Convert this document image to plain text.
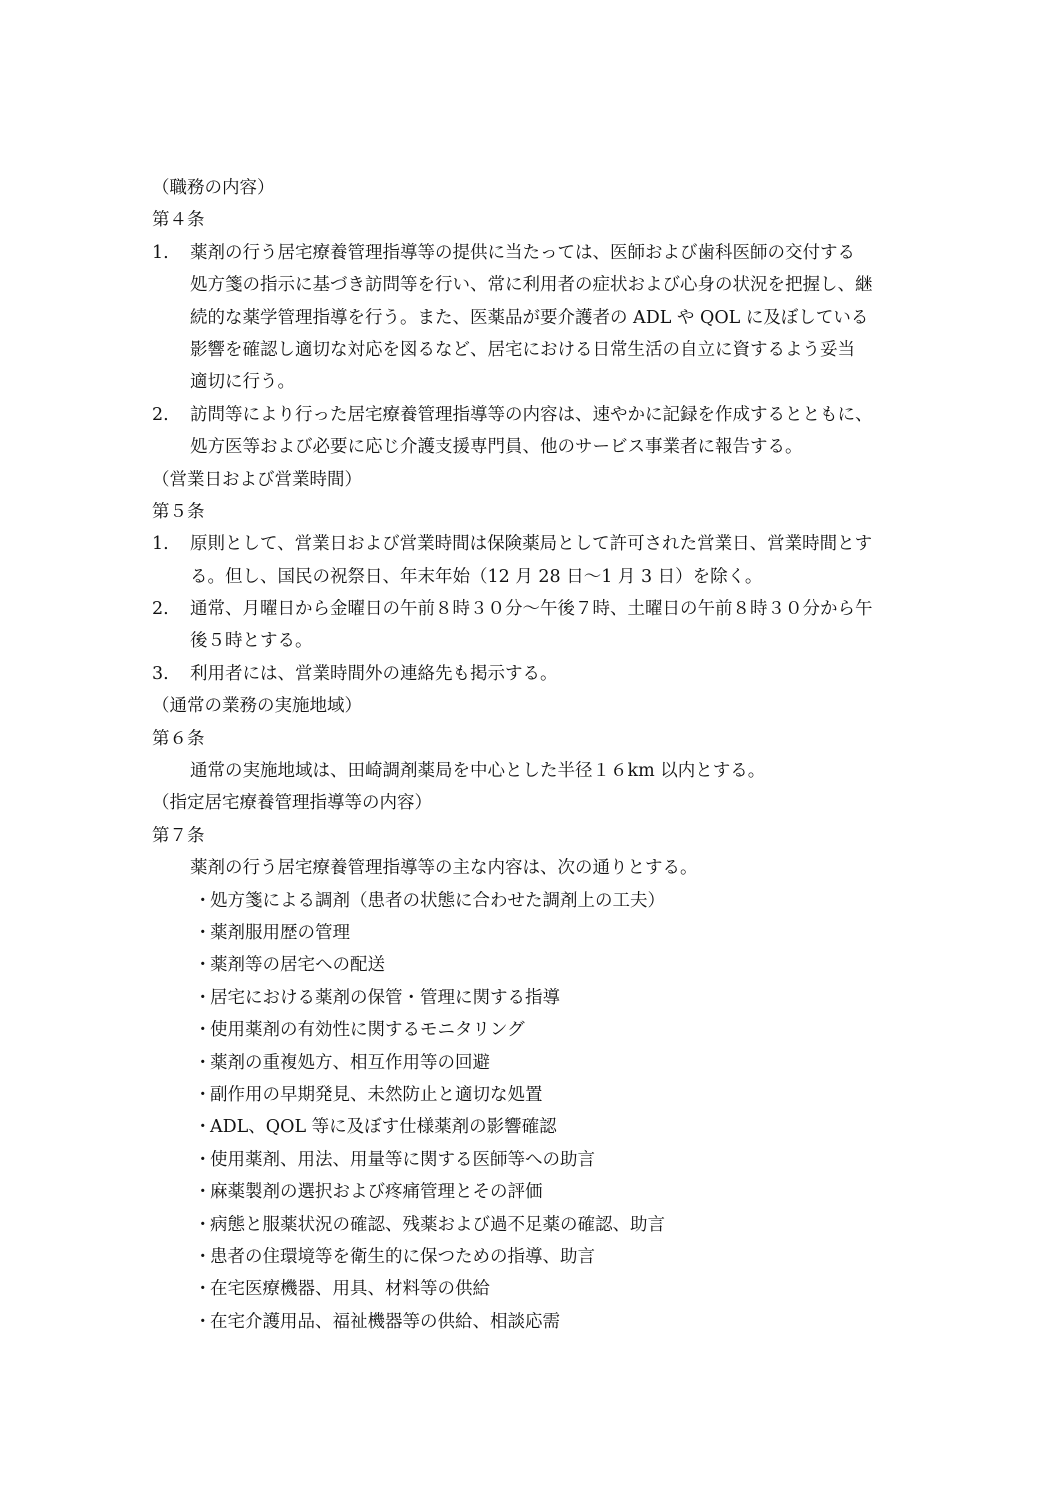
（職務の内容）
第４条
1. 薬剤の行う居宅療養管理指導等の提供に当たっては、医師および歯科医師の交付する
処方箋の指示に基づき訪問等を行い、常に利用者の症状および心身の状況を把握し、継
続的な薬学管理指導を行う。また、医薬品が要介護者の ADL や QOL に及ぼしている
影響を確認し適切な対応を図るなど、居宅における日常生活の自立に資するよう妥当
適切に行う。
2. 訪問等により行った居宅療養管理指導等の内容は、速やかに記録を作成するとともに、
処方医等および必要に応じ介護支援専門員、他のサービス事業者に報告する。
（営業日および営業時間）
第５条
1. 原則として、営業日および営業時間は保険薬局として許可された営業日、営業時間とす
る。但し、国民の祝祭日、年末年始（12 月 28 日〜1 月 3 日）を除く。
2. 通常、月曜日から金曜日の午前８時３０分〜午後７時、土曜日の午前８時３０分から午
後５時とする。
3. 利用者には、営業時間外の連絡先も掲示する。
（通常の業務の実施地域）
第６条
通常の実施地域は、田崎調剤薬局を中心とした半径１６km 以内とする。
（指定居宅療養管理指導等の内容）
第７条
薬剤の行う居宅療養管理指導等の主な内容は、次の通りとする。
・
処方箋による調剤（患者の状態に合わせた調剤上の工夫）
・
薬剤服用歴の管理
・
薬剤等の居宅への配送
・
居宅における薬剤の保管・管理に関する指導
・
使用薬剤の有効性に関するモニタリング
・
薬剤の重複処方、相互作用等の回避
・
副作用の早期発見、未然防止と適切な処置
・
ADL、QOL 等に及ぼす仕様薬剤の影響確認
・
使用薬剤、用法、用量等に関する医師等への助言
・
麻薬製剤の選択および疼痛管理とその評価
・
病態と服薬状況の確認、残薬および過不足薬の確認、助言
・
患者の住環境等を衛生的に保つための指導、助言
・
在宅医療機器、用具、材料等の供給
・
在宅介護用品、福祉機器等の供給、相談応需
